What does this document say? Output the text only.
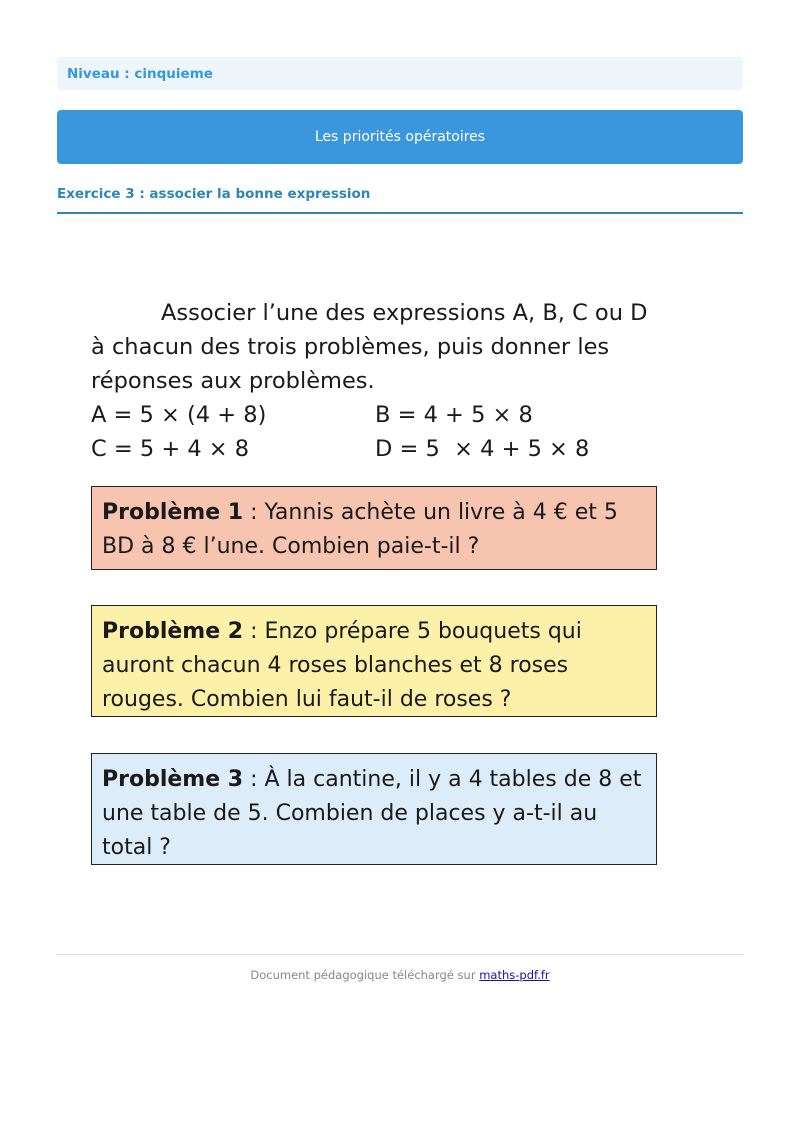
Niveau : cinquieme
Les priorités opératoires
Exercice 3 : associer la bonne expression

Associer l’une des expressions A, B, C ou D à chacun des trois problèmes, puis donner les réponses aux problèmes.

A = 5 × (4 + 8)	B = 4 + 5 × 8
C = 5 + 4 × 8	D = 5  × 4 + 5 × 8
Problème 1 : Yannis achète un livre à 4 € et 5 BD à 8 € l’une. Combien paie-t-il ?
Problème 2 : Enzo prépare 5 bouquets qui auront chacun 4 roses blanches et 8 roses rouges. Combien lui faut-il de roses ?
Problème 3 : À la cantine, il y a 4 tables de 8 et une table de 5. Combien de places y a-t-il au total ?
Document pédagogique téléchargé sur maths-pdf.fr
